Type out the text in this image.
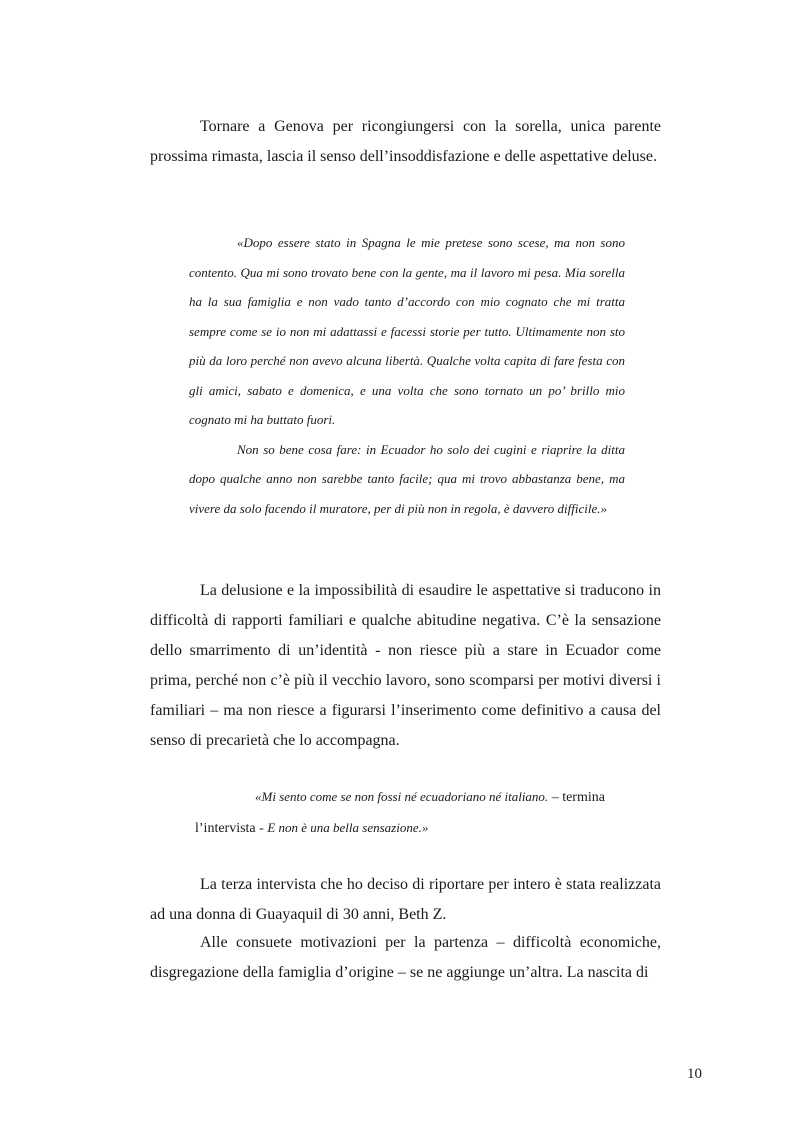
Tornare a Genova per ricongiungersi con la sorella, unica parente prossima rimasta, lascia il senso dell’insoddisfazione e delle aspettative deluse.

«Dopo essere stato in Spagna le mie pretese sono scese, ma non sono contento. Qua mi sono trovato bene con la gente, ma il lavoro mi pesa. Mia sorella ha la sua famiglia e non vado tanto d’accordo con mio cognato che mi tratta sempre come se io non mi adattassi e facessi storie per tutto. Ultimamente non sto più da loro perché non avevo alcuna libertà. Qualche volta capita di fare festa con gli amici, sabato e domenica, e una volta che sono tornato un po’ brillo mio cognato mi ha buttato fuori.

Non so bene cosa fare: in Ecuador ho solo dei cugini e riaprire la ditta dopo qualche anno non sarebbe tanto facile; qua mi trovo abbastanza bene, ma vivere da solo facendo il muratore, per di più non in regola, è davvero difficile.»

La delusione e la impossibilità di esaudire le aspettative si traducono in difficoltà di rapporti familiari e qualche abitudine negativa. C’è la sensazione dello smarrimento di un’identità - non riesce più a stare in Ecuador come prima, perché non c’è più il vecchio lavoro, sono scomparsi per motivi diversi i familiari – ma non riesce a figurarsi l’inserimento come definitivo a causa del senso di precarietà che lo accompagna.

«Mi sento come se non fossi né ecuadoriano né italiano. – termina
l’intervista - E non è una bella sensazione.»

La terza intervista che ho deciso di riportare per intero è stata realizzata ad una donna di Guayaquil di 30 anni, Beth Z.

Alle consuete motivazioni per la partenza – difficoltà economiche, disgregazione della famiglia d’origine – se ne aggiunge un’altra. La nascita di

10
